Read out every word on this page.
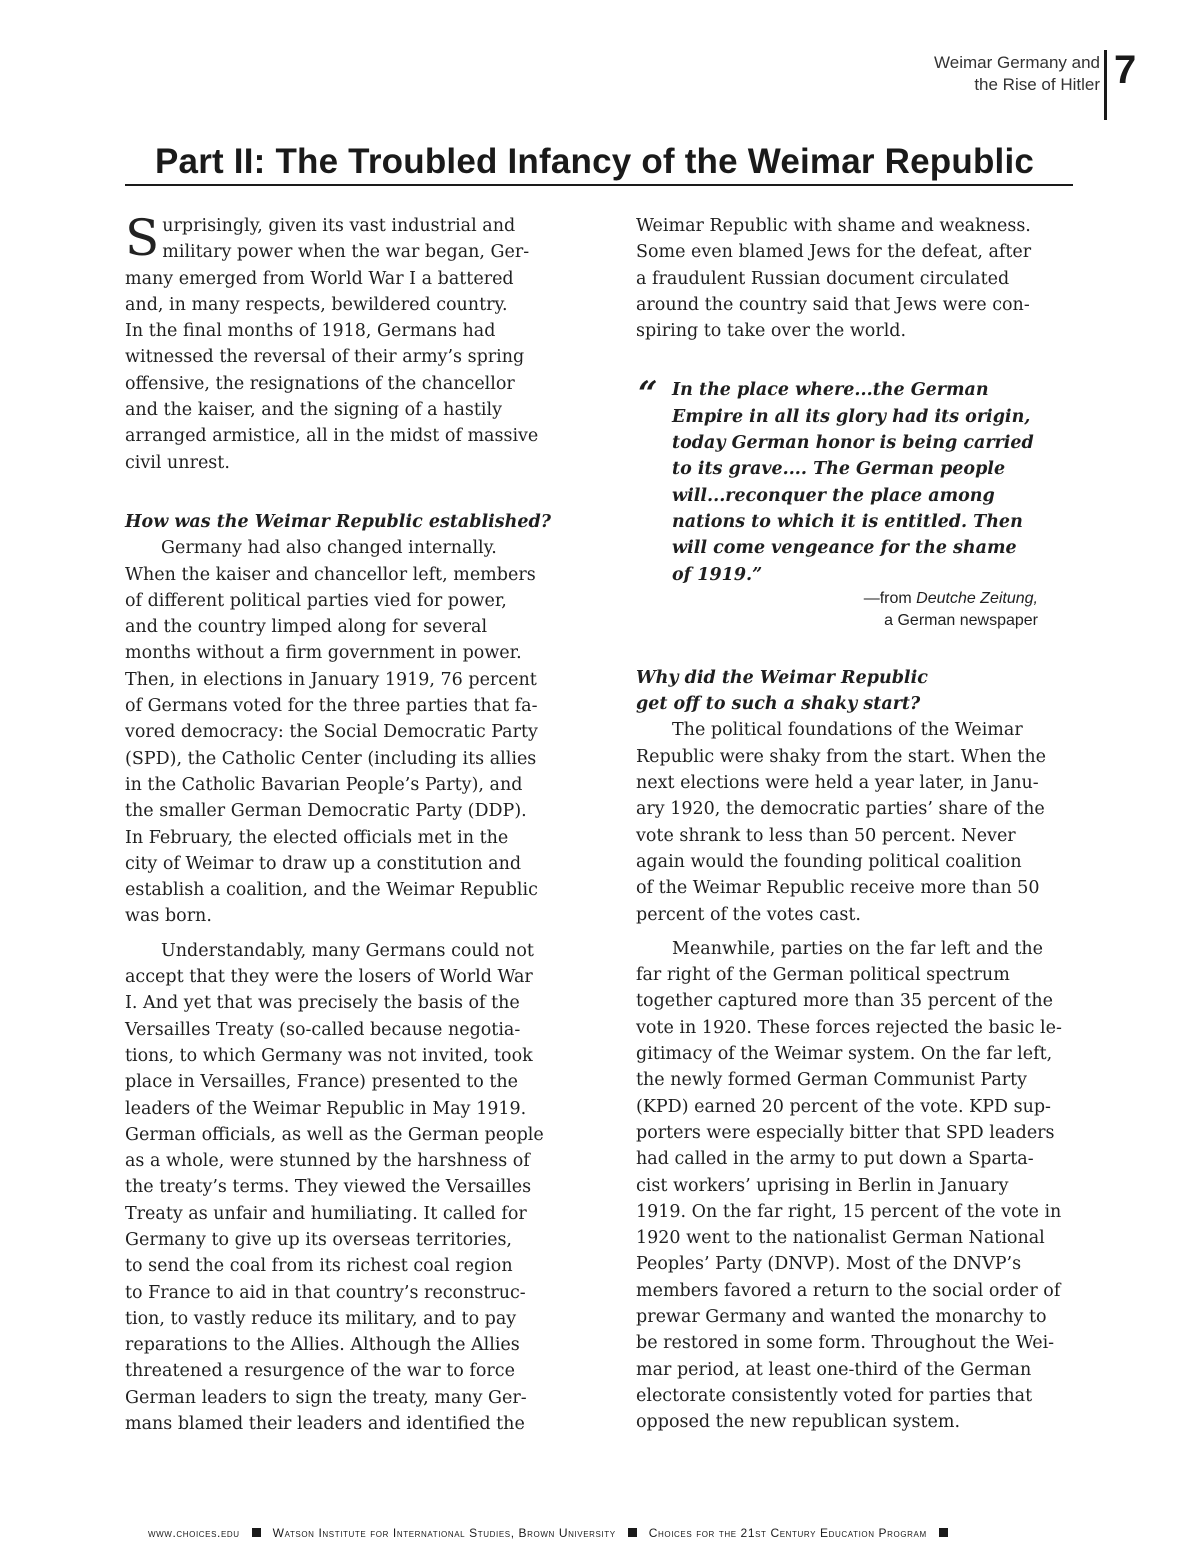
Weimar Germany and
the Rise of Hitler 7
Part II: The Troubled Infancy of the Weimar Republic
S urprisingly, given its vast industrial and

military power when the war began, Ger-

many emerged from World War I a battered

and, in many respects, bewildered country.

In the final months of 1918, Germans had

witnessed the reversal of their army’s spring

offensive, the resignations of the chancellor

and the kaiser, and the signing of a hastily

arranged armistice, all in the midst of massive

civil unrest.

How was the Weimar Republic established?

Germany had also changed internally.

When the kaiser and chancellor left, members

of different political parties vied for power,

and the country limped along for several

months without a firm government in power.

Then, in elections in January 1919, 76 percent

of Germans voted for the three parties that fa-

vored democracy: the Social Democratic Party

(SPD), the Catholic Center (including its allies

in the Catholic Bavarian People’s Party), and

the smaller German Democratic Party (DDP).

In February, the elected officials met in the

city of Weimar to draw up a constitution and

establish a coalition, and the Weimar Republic

was born.

Understandably, many Germans could not

accept that they were the losers of World War

I. And yet that was precisely the basis of the

Versailles Treaty (so-called because negotia-

tions, to which Germany was not invited, took

place in Versailles, France) presented to the

leaders of the Weimar Republic in May 1919.

German officials, as well as the German people

as a whole, were stunned by the harshness of

the treaty’s terms. They viewed the Versailles

Treaty as unfair and humiliating. It called for

Germany to give up its overseas territories,

to send the coal from its richest coal region

to France to aid in that country’s reconstruc-

tion, to vastly reduce its military, and to pay

reparations to the Allies. Although the Allies

threatened a resurgence of the war to force

German leaders to sign the treaty, many Ger-

mans blamed their leaders and identified the

Weimar Republic with shame and weakness.

Some even blamed Jews for the defeat, after

a fraudulent Russian document circulated

around the country said that Jews were con-

spiring to take over the world.

“ In the place where...the German

Empire in all its glory had its origin,

today German honor is being carried

to its grave.... The German people

will...reconquer the place among

nations to which it is entitled. Then

will come vengeance for the shame

of 1919.”

—from Deutche Zeitung,
a German newspaper

Why did the Weimar Republic

get off to such a shaky start?

The political foundations of the Weimar

Republic were shaky from the start. When the

next elections were held a year later, in Janu-

ary 1920, the democratic parties’ share of the

vote shrank to less than 50 percent. Never

again would the founding political coalition

of the Weimar Republic receive more than 50

percent of the votes cast.

Meanwhile, parties on the far left and the

far right of the German political spectrum

together captured more than 35 percent of the

vote in 1920. These forces rejected the basic le-

gitimacy of the Weimar system. On the far left,

the newly formed German Communist Party

(KPD) earned 20 percent of the vote. KPD sup-

porters were especially bitter that SPD leaders

had called in the army to put down a Sparta-

cist workers’ uprising in Berlin in January

1919. On the far right, 15 percent of the vote in

1920 went to the nationalist German National

Peoples’ Party (DNVP). Most of the DNVP’s

members favored a return to the social order of

prewar Germany and wanted the monarchy to

be restored in some form. Throughout the Wei-

mar period, at least one-third of the German

electorate consistently voted for parties that

opposed the new republican system.

www.choices.edu	Watson Institute for International Studies, Brown University	Choices for the 21st Century Education Program
